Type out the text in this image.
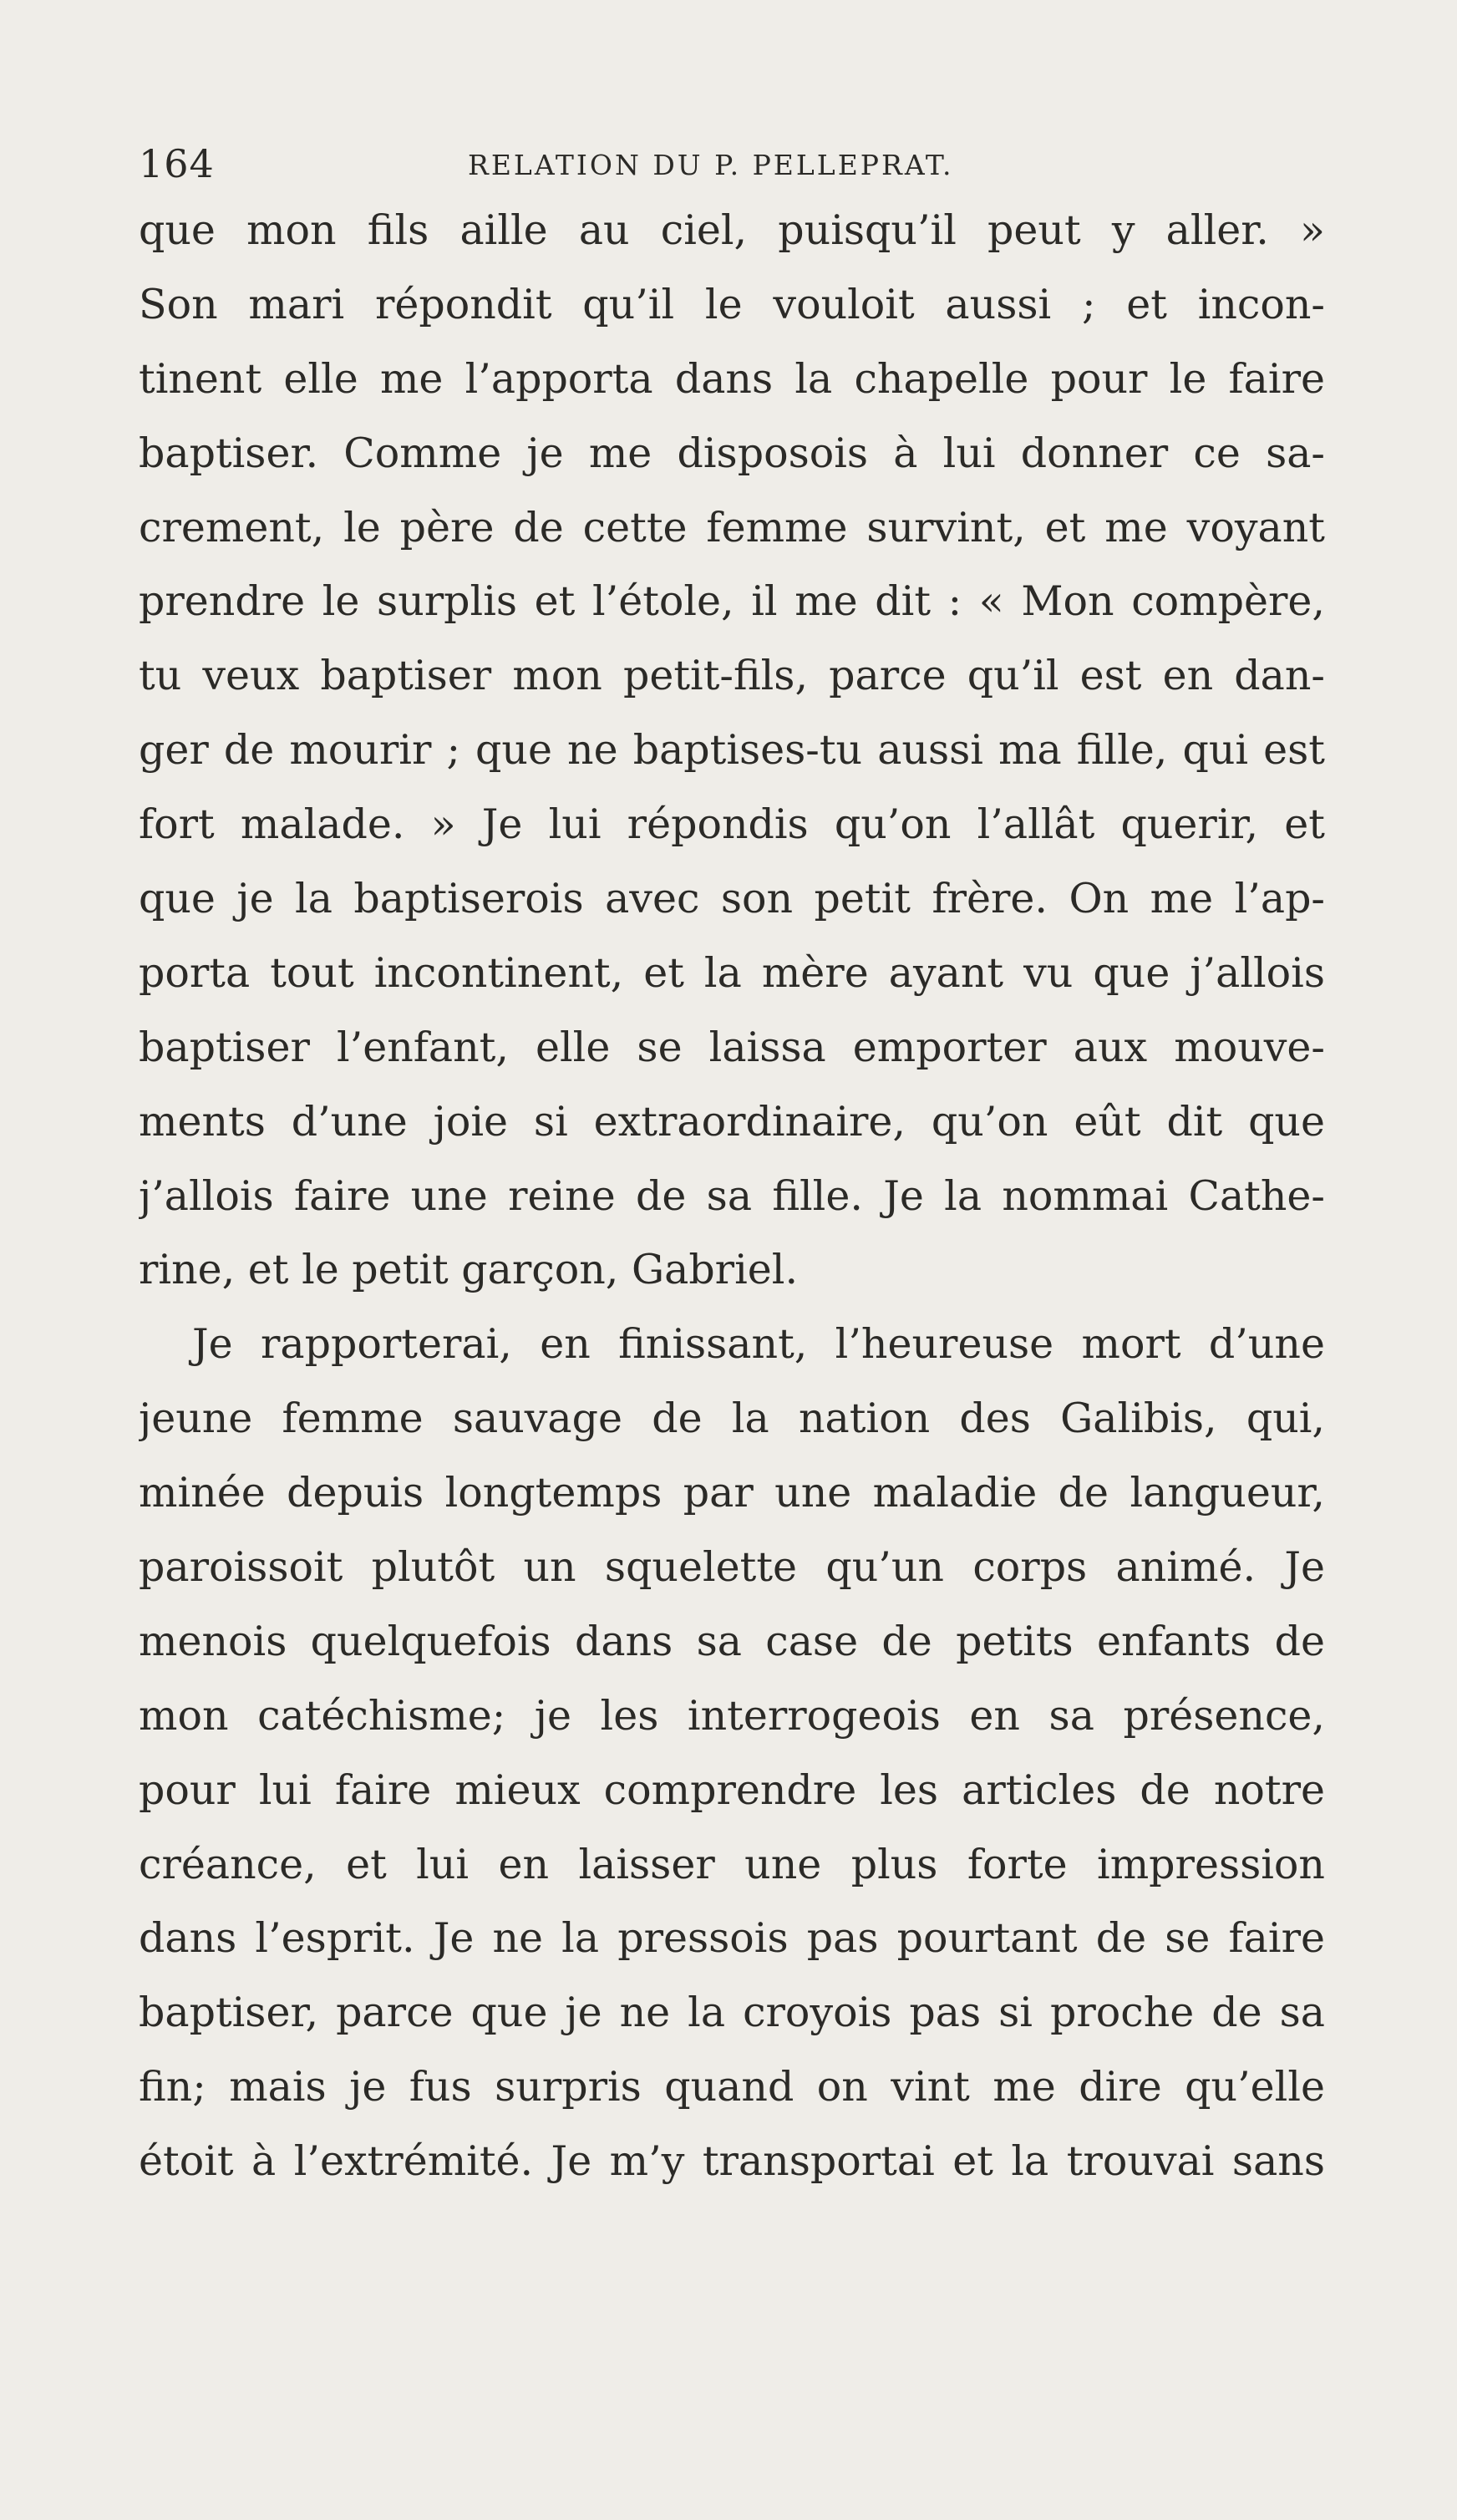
164	RELATION DU P. PELLEPRAT.
que mon fils aille au ciel, puisqu’il peut y aller. »
Son mari répondit qu’il le vouloit aussi ; et incon-
tinent elle me l’apporta dans la chapelle pour le faire
baptiser. Comme je me disposois à lui donner ce sa-
crement, le père de cette femme survint, et me voyant
prendre le surplis et l’étole, il me dit : « Mon compère,
tu veux baptiser mon petit-fils, parce qu’il est en dan-
ger de mourir ; que ne baptises-tu aussi ma fille, qui est
fort malade. » Je lui répondis qu’on l’allât querir, et
que je la baptiserois avec son petit frère. On me l’ap-
porta tout incontinent, et la mère ayant vu que j’allois
baptiser l’enfant, elle se laissa emporter aux mouve-
ments d’une joie si extraordinaire, qu’on eût dit que
j’allois faire une reine de sa fille. Je la nommai Cathe-
rine, et le petit garçon, Gabriel.
Je rapporterai, en finissant, l’heureuse mort d’une
jeune femme sauvage de la nation des Galibis, qui,
minée depuis longtemps par une maladie de langueur,
paroissoit plutôt un squelette qu’un corps animé. Je
menois quelquefois dans sa case de petits enfants de
mon catéchisme; je les interrogeois en sa présence,
pour lui faire mieux comprendre les articles de notre
créance, et lui en laisser une plus forte impression
dans l’esprit. Je ne la pressois pas pourtant de se faire
baptiser, parce que je ne la croyois pas si proche de sa
fin; mais je fus surpris quand on vint me dire qu’elle
étoit à l’extrémité. Je m’y transportai et la trouvai sans
